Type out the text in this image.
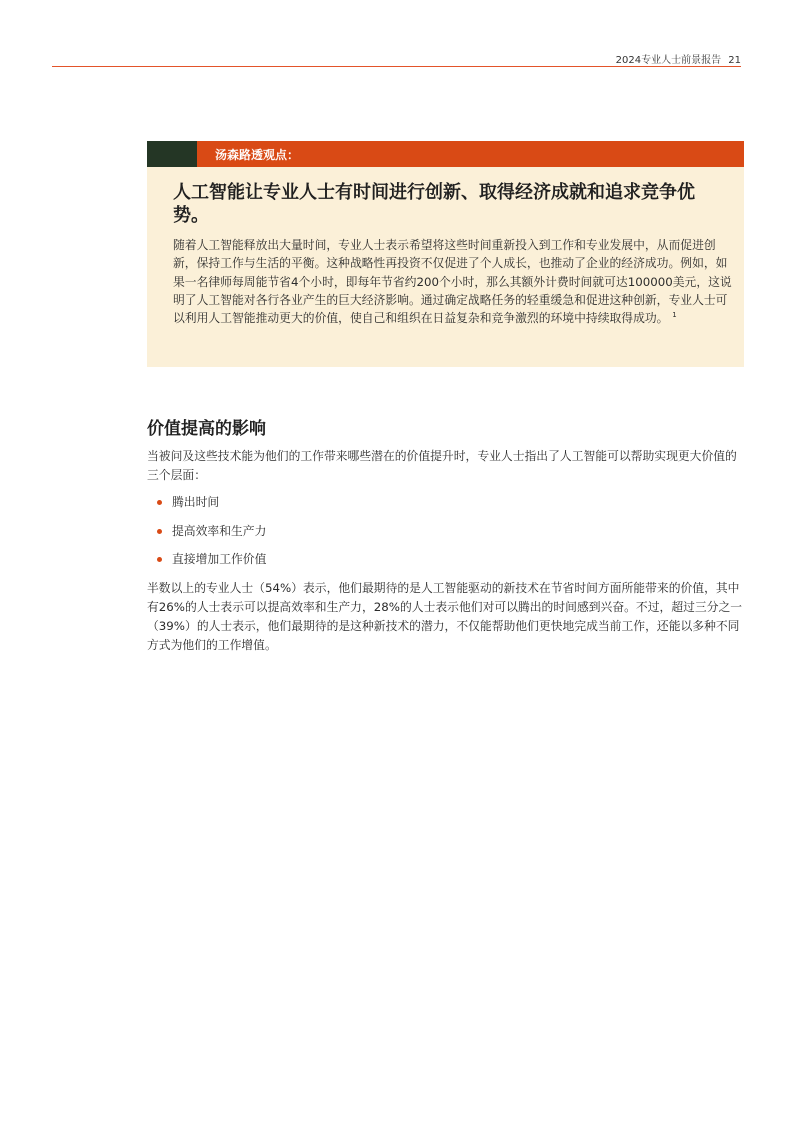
2024专业人士前景报告 21
汤森路透观点：
人工智能让专业人士有时间进行创新、取得经济成就和追求竞争优势。
随着人工智能释放出大量时间，专业人士表示希望将这些时间重新投入到工作和专业发展中，从而促进创新，保持工作与生活的平衡。这种战略性再投资不仅促进了个人成长，也推动了企业的经济成功。例如，如果一名律师每周能节省4个小时，即每年节省约200个小时，那么其额外计费时间就可达100000美元，这说明了人工智能对各行各业产生的巨大经济影响。通过确定战略任务的轻重缓急和促进这种创新，专业人士可以利用人工智能推动更大的价值，使自己和组织在日益复杂和竞争激烈的环境中持续取得成功。 $^1$
价值提高的影响
当被问及这些技术能为他们的工作带来哪些潜在的价值提升时，专业人士指出了人工智能可以帮助实现更大价值的三个层面：
腾出时间
提高效率和生产力
直接增加工作价值
半数以上的专业人士（54%）表示，他们最期待的是人工智能驱动的新技术在节省时间方面所能带来的价值，其中有26%的人士表示可以提高效率和生产力，28%的人士表示他们对可以腾出的时间感到兴奋。不过，超过三分之一（39%）的人士表示，他们最期待的是这种新技术的潜力，不仅能帮助他们更快地完成当前工作，还能以多种不同方式为他们的工作增值。
